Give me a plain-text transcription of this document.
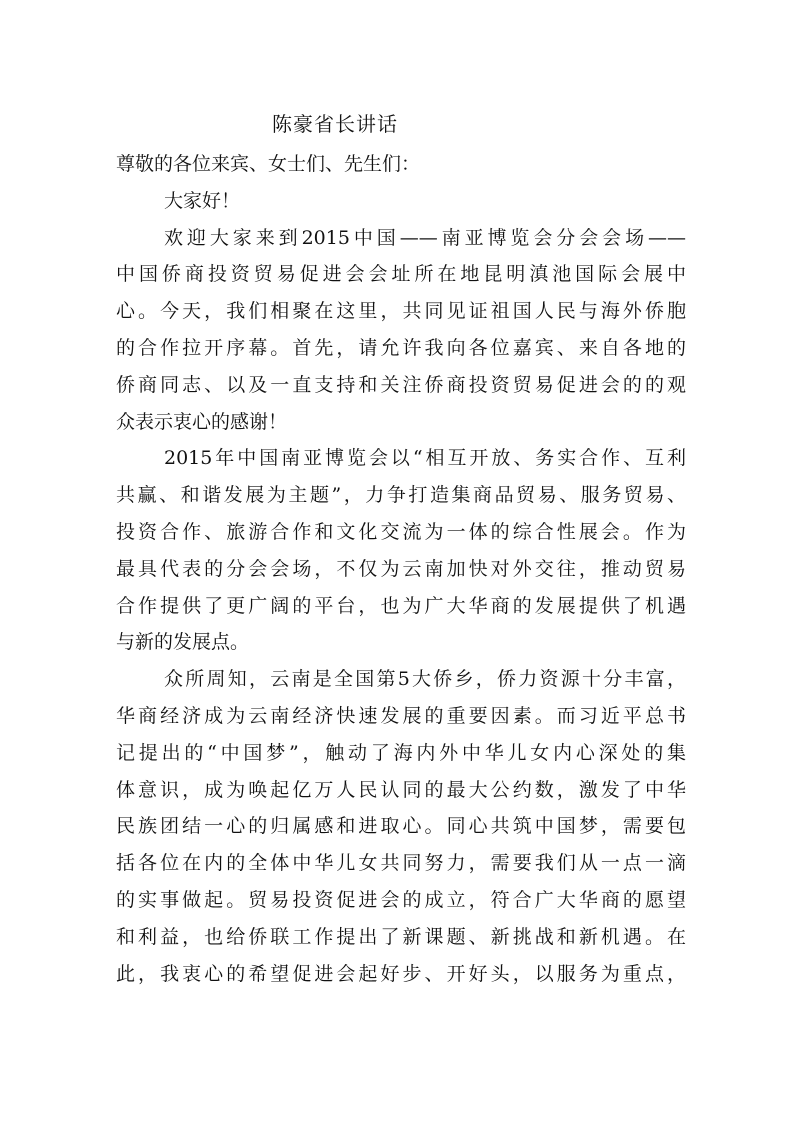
陈豪省长讲话
尊敬的各位来宾、女士们、先生们：
大家好！
欢迎大家来到2015中国——南亚博览会分会会场——
中国侨商投资贸易促进会会址所在地昆明滇池国际会展中
心。今天，我们相聚在这里，共同见证祖国人民与海外侨胞
的合作拉开序幕。首先，请允许我向各位嘉宾、来自各地的
侨商同志、以及一直支持和关注侨商投资贸易促进会的的观
众表示衷心的感谢！
2015年中国南亚博览会以“相互开放、务实合作、互利
共赢、和谐发展为主题”，力争打造集商品贸易、服务贸易、
投资合作、旅游合作和文化交流为一体的综合性展会。作为
最具代表的分会会场，不仅为云南加快对外交往，推动贸易
合作提供了更广阔的平台，也为广大华商的发展提供了机遇
与新的发展点。
众所周知，云南是全国第5大侨乡，侨力资源十分丰富，
华商经济成为云南经济快速发展的重要因素。而习近平总书
记提出的“中国梦”，触动了海内外中华儿女内心深处的集
体意识，成为唤起亿万人民认同的最大公约数，激发了中华
民族团结一心的归属感和进取心。同心共筑中国梦，需要包
括各位在内的全体中华儿女共同努力，需要我们从一点一滴
的实事做起。贸易投资促进会的成立，符合广大华商的愿望
和利益，也给侨联工作提出了新课题、新挑战和新机遇。在
此，我衷心的希望促进会起好步、开好头，以服务为重点，
